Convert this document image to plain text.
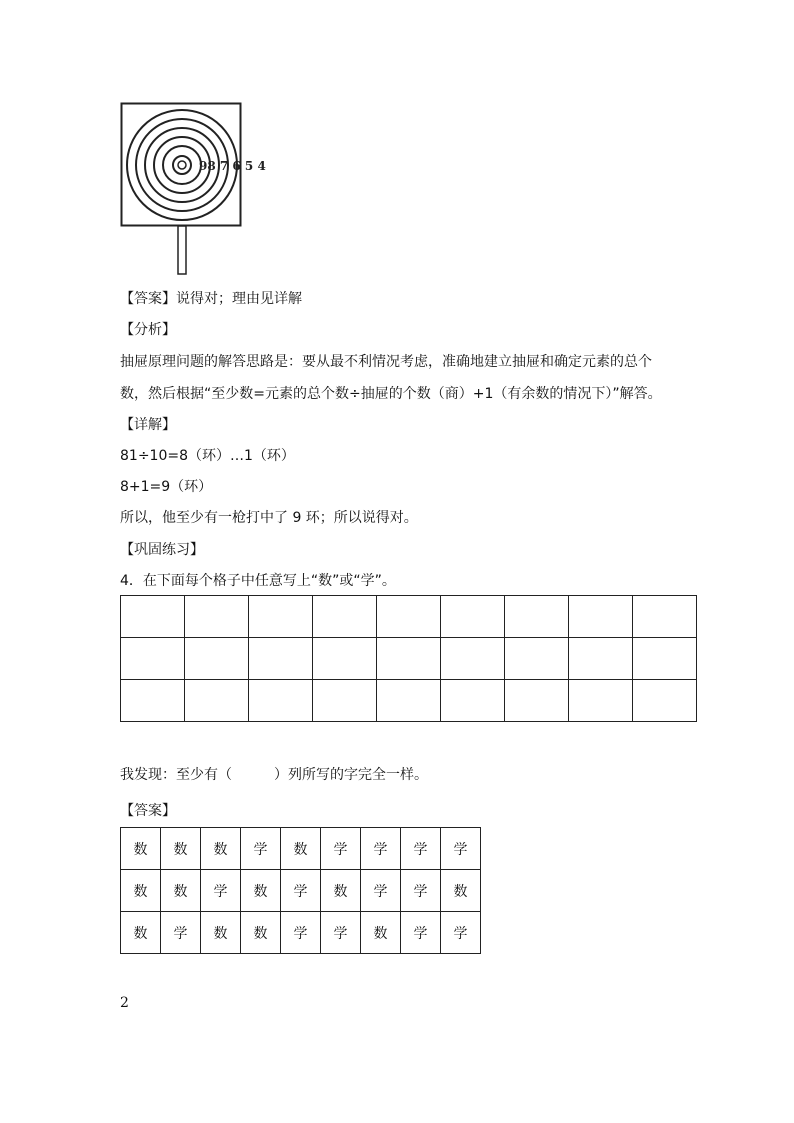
98 7 6 5 4
【答案】说得对；理由见详解
【分析】
抽屉原理问题的解答思路是：要从最不利情况考虑，准确地建立抽屉和确定元素的总个
数，然后根据“至少数=元素的总个数÷抽屉的个数（商）+1（有余数的情况下）”解答。
【详解】
81÷10=8（环）…1（环）
8+1=9（环）
所以，他至少有一枪打中了 9 环；所以说得对。
【巩固练习】
4．在下面每个格子中任意写上“数”或“学”。

我发现：至少有（　　　）列所写的字完全一样。
【答案】
数	数	数	学	数	学	学	学	学
数	数	学	数	学	数	学	学	数
数	学	数	数	学	学	数	学	学
2
